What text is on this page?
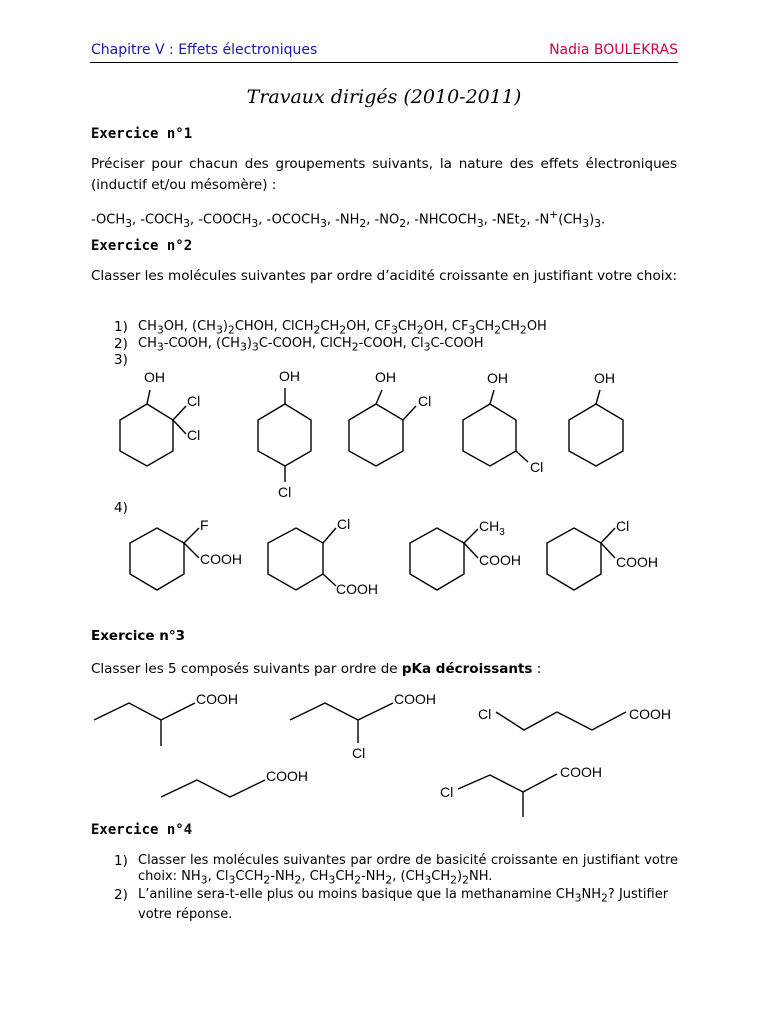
Chapitre V : Effets électroniques	Nadia BOULEKRAS
Travaux dirigés (2010-2011)
Exercice n°1
Préciser pour chacun des groupements suivants, la nature des effets électroniques (inductif et/ou mésomère) :
$-OCH_3$, $-COCH_3$, $-COOCH_3$, $-OCOCH_3$, $-NH_2$, $-NO_2$, $-NHCOCH_3$, -NEt$_2$, $-N^+(CH_3)_3$.
Exercice n°2
Classer les molécules suivantes par ordre d’acidité croissante en justifiant votre choix:
1) $CH_3OH$, $(CH_3)_2CHOH$, $ClCH_2CH_2OH$, $CF_3CH_2OH$, $CF_3CH_2CH_2OH$
2) $CH_3$-COOH, $(CH_3)_3C$-COOH, ClCH$_2$-COOH, $Cl_3C$-COOH
3)
4)
Exercice n°3
Classer les 5 composés suivants par ordre de pKa décroissants :
Exercice n°4
1) Classer les molécules suivantes par ordre de basicité croissante en justifiant votre choix: $NH_3$, $Cl_3CCH_2-NH_2$, $CH_3CH_2-NH_2$, $(CH_3CH_2)_2NH$.
2) L’aniline sera-t-elle plus ou moins basique que la methanamine $CH_3NH_2$? Justifier votre réponse.
OH
Cl
Cl
OH
Cl
OH
Cl
OH
Cl
OH
F
COOH
Cl
COOH
$CH_3$
COOH
Cl
COOH
COOH	COOH
Cl
Cl	COOH
COOH
Cl
COOH
